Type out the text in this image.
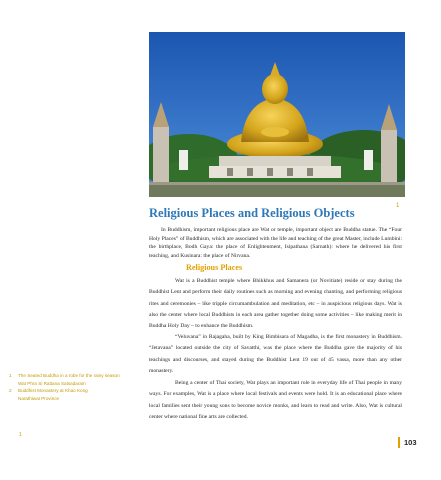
1
Religious Places and Religious Objects

In Buddhism, important religious place are Wat or temple, important object are Buddha statue. The “Four Holy Places” of Buddhism, which are associated with the life and teaching of the great Master, include Lumbini: the birthplace, Bodh Gaya: the place of Enlightenment, Isipathana (Sarnath): where he delivered his first teaching, and Kusinara: the place of Nirvana.

Religious Places

Wat is a Buddhist temple where Bhikkhus and Samanera (or Novitiate) reside or stay during the Buddhist Lent and perform their daily routines such as morning and evening chanting, and performing religious rites and ceremonies – like tripple circumambulation and meditation, etc – in auspicious religious days. Wat is also the center where local Buddhists in each area gather together doing some activities – like making merit in Buddha Holy Day – to enhance the Buddhism.

“Veluvana” in Rajagaha, built by King Bimbisara of Magadha, is the first monastery in Buddhism. “Jetavana” located outside the city of Savatthi, was the place where the Buddha gave the majority of his teachings and discourses, and stayed during the Buddhist Lent 19 out of 45 vassa, more than any other monastery.

Being a center of Thai society, Wat plays an important role in everyday life of Thai people in many ways. For examples, Wat is a place where local festivals and events were hold. It is an educational place where local families sent their young sons to become novice monks, and learn to read and write. Also, Wat is cultural center where national fine arts are collected.

1	The Seated Buddha in a robe for the rainy season

Wat Phra Si Rattana Satsadaram

2	Buddhist Monastery at Khao Kong

Narathiwat Province

1
103
